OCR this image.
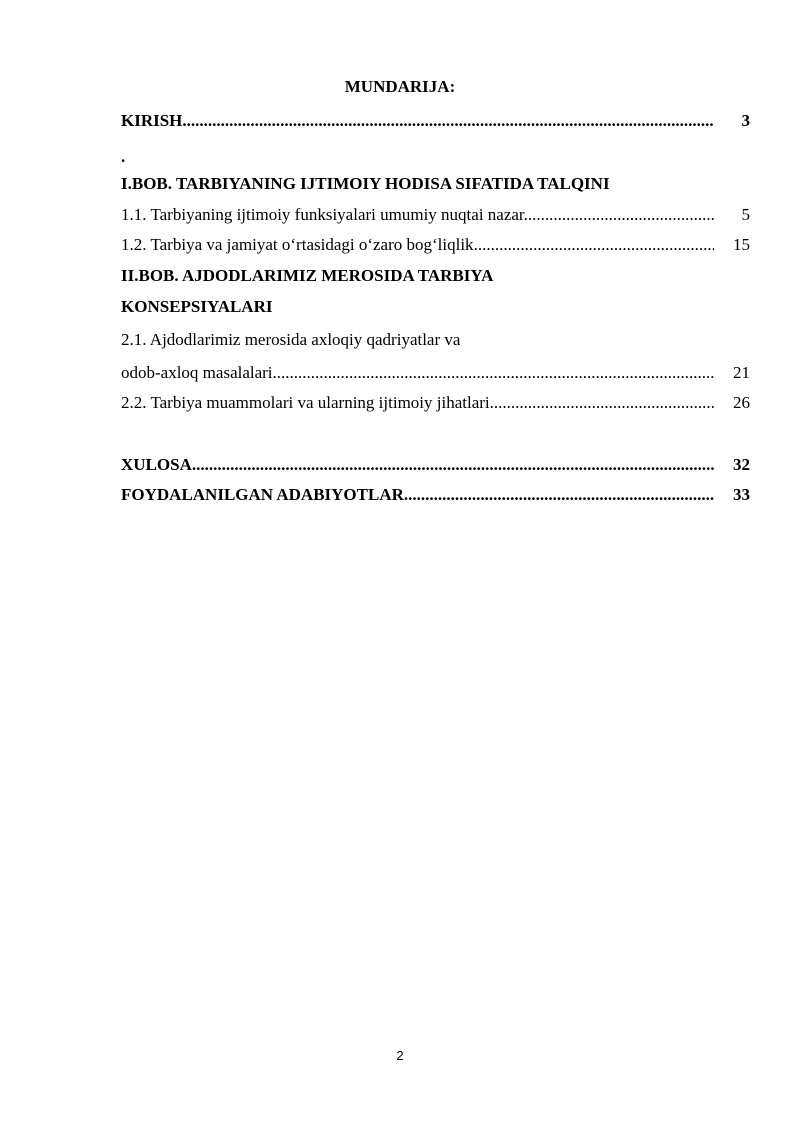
MUNDARIJA:
KIRISH .....	3
.
I.BOB. TARBIYANING IJTIMOIY HODISA SIFATIDA TALQINI
1.1. Tarbiyaning ijtimoiy funksiyalari umumiy nuqtai nazar .....	5
1.2. Tarbiya va jamiyat o‘rtasidagi o‘zaro bog‘liqlik .....	15
II.BOB. AJDODLARIMIZ MEROSIDA TARBIYA
KONSEPSIYALARI
2.1. Ajdodlarimiz merosida axloqiy qadriyatlar va
odob-axloq masalalari .....	21
2.2. Tarbiya muammolari va ularning ijtimoiy jihatlari .....	26
XULOSA .....	32
FOYDALANILGAN ADABIYOTLAR .....	33
2
